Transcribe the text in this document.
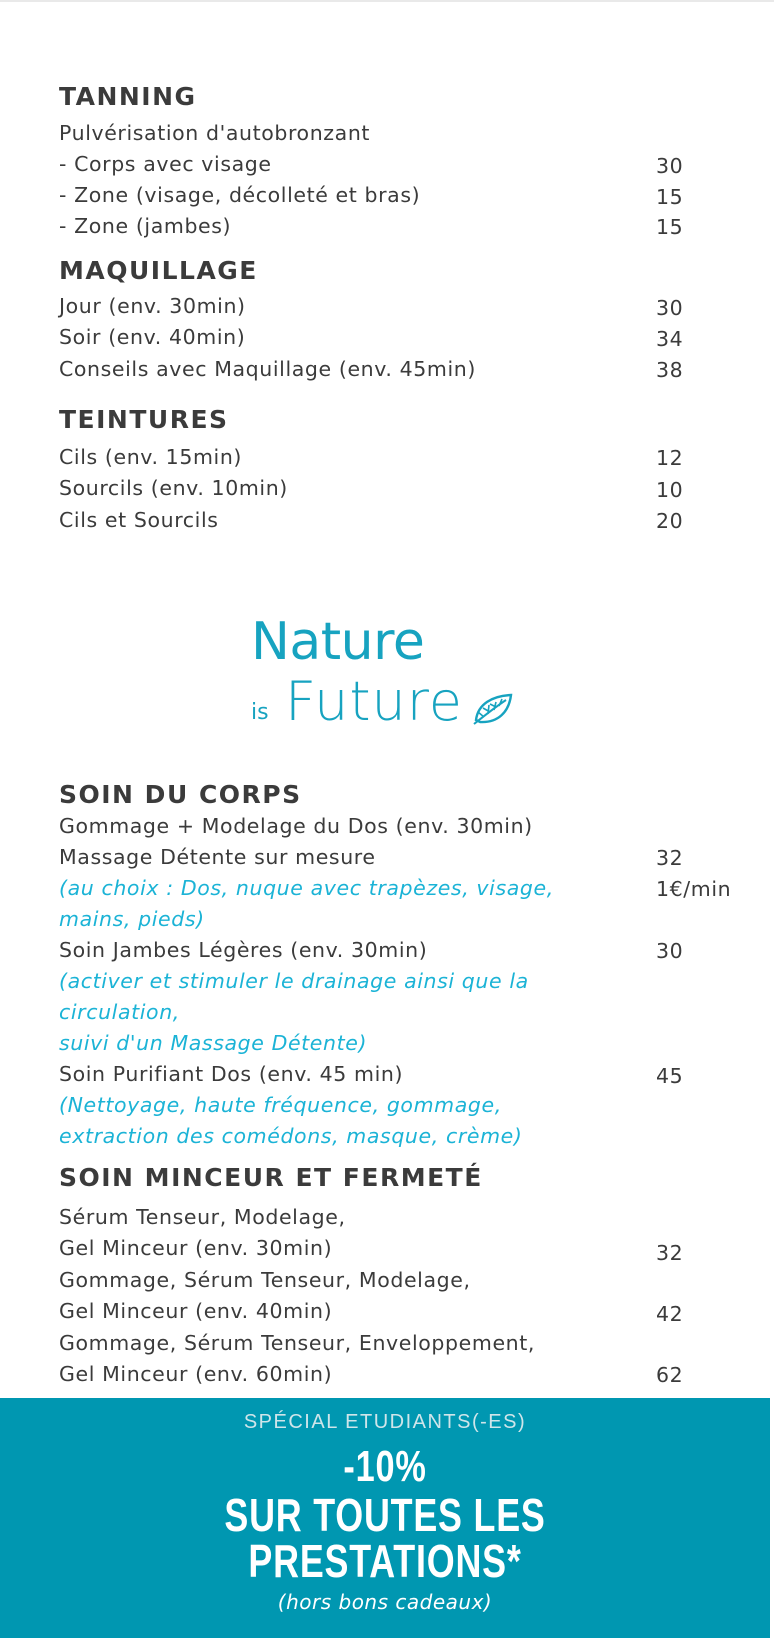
TANNING
Pulvérisation d'autobronzant
- Corps avec visage	30
- Zone (visage, décolleté et bras)	15
- Zone (jambes)	15
MAQUILLAGE
Jour (env. 30min)	30
Soir (env. 40min)	34
Conseils avec Maquillage (env. 45min)	38
TEINTURES
Cils (env. 15min)	12
Sourcils (env. 10min)	10
Cils et Sourcils	20
Nature
is Future
SOIN DU CORPS
Gommage + Modelage du Dos (env. 30min)
Massage Détente sur mesure	32
(au choix : Dos, nuque avec trapèzes, visage,	1€/min
mains, pieds)
Soin Jambes Légères (env. 30min)	30
(activer et stimuler le drainage ainsi que la
circulation,
suivi d'un Massage Détente)
Soin Purifiant Dos (env. 45 min)	45
(Nettoyage, haute fréquence, gommage,
extraction des comédons, masque, crème)
SOIN MINCEUR ET FERMETÉ
Sérum Tenseur, Modelage,
Gel Minceur (env. 30min)	32
Gommage, Sérum Tenseur, Modelage,
Gel Minceur (env. 40min)	42
Gommage, Sérum Tenseur, Enveloppement,
Gel Minceur (env. 60min)	62
SPÉCIAL ETUDIANTS(-ES)
-10%
SUR TOUTES LES
PRESTATIONS*
(hors bons cadeaux)
